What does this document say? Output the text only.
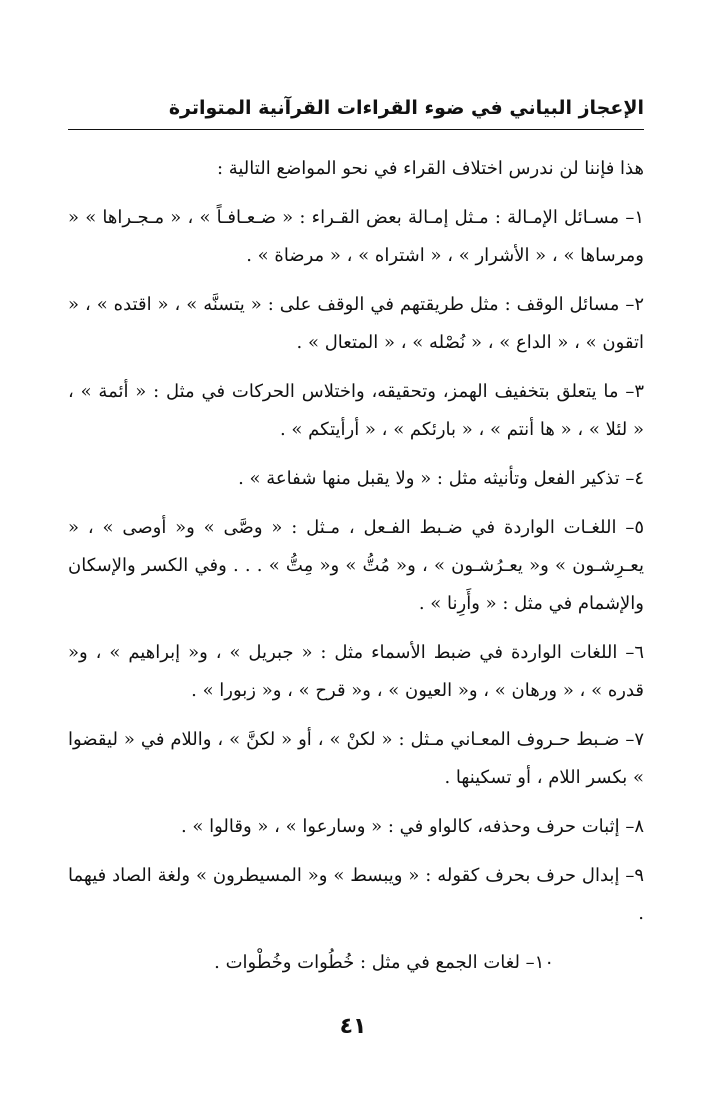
الإعجاز البياني في ضوء القراءات القرآنية المتواترة

هذا فإننا لن ندرس اختلاف القراء في نحو المواضع التالية :

١– مسـائل الإمـالة : مـثل إمـالة بعض القـراء : « ضـعـافـاً » ، « مـجـراها » « ومرساها » ، « الأشرار » ، « اشتراه » ، « مرضاة » .

٢– مسائل الوقف : مثل طريقتهم في الوقف على : « يتسنَّه » ، « اقتده » ، « اتقون » ، « الداع » ، « نُصْله » ، « المتعال » .

٣– ما يتعلق بتخفيف الهمز، وتحقيقه، واختلاس الحركات في مثل : « أئمة » ، « لئلا » ، « ها أنتم » ، « بارئكم » ، « أرأيتكم » .

٤– تذكير الفعل وتأنيثه مثل : « ولا يقبل منها شفاعة » .

٥– اللغـات الواردة في ضـبط الفـعل ، مـثل : « وصَّى » و« أوصى » ، « يعـرِشـون » و« يعـرُشـون » ، و« مُتُّ » و« مِتُّ » . . . وفي الكسر والإسكان والإشمام في مثل : « وأَرِنا » .

٦– اللغات الواردة في ضبط الأسماء مثل : « جبريل » ، و« إبراهيم » ، و« قدره » ، « ورهان » ، و« العيون » ، و« قرح » ، و« زبورا » .

٧– ضـبط حـروف المعـاني مـثل : « لكنْ » ، أو « لكنَّ » ، واللام في « ليقضوا » بكسر اللام ، أو تسكينها .

٨– إثبات حرف وحذفه، كالواو في : « وسارعوا » ، « وقالوا » .

٩– إبدال حرف بحرف كقوله : « ويبسط » و« المسيطرون » ولغة الصاد فيهما .

١٠– لغات الجمع في مثل : خُطُوات وخُطْوات .

٤١
